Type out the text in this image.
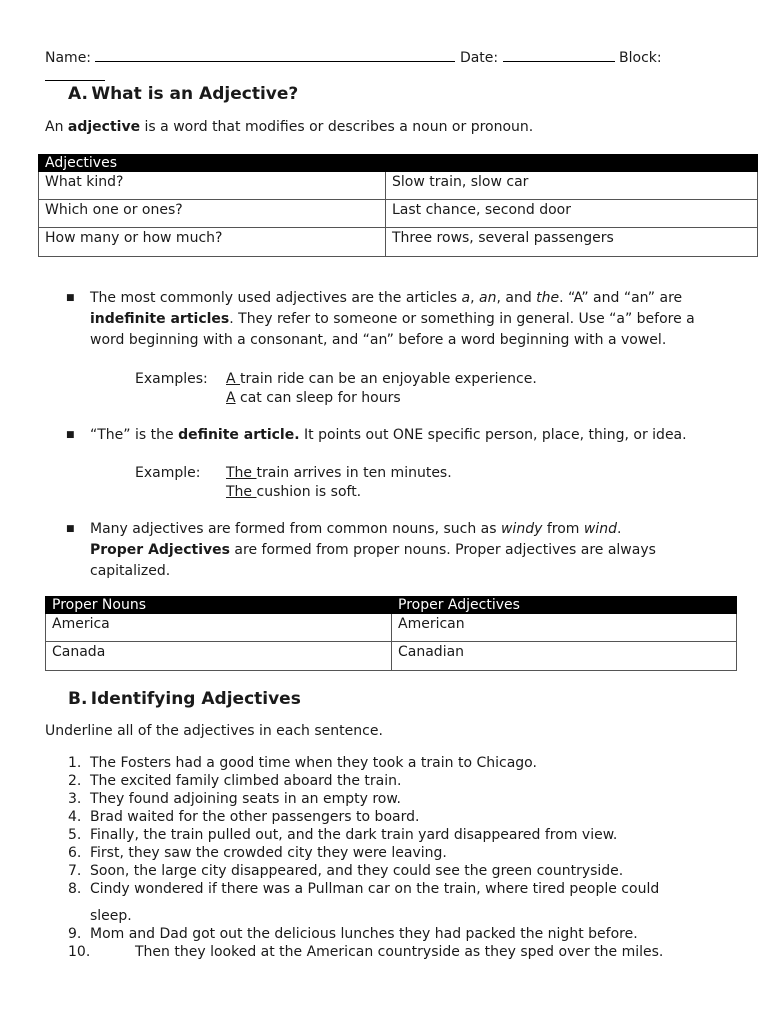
Name:	Date:	Block:
A. What is an Adjective?
An adjective is a word that modifies or describes a noun or pronoun.
Adjectives	
What kind?	Slow train, slow car
Which one or ones?	Last chance, second door
How many or how much?	Three rows, several passengers
■ The most commonly used adjectives are the articles a, an, and the. “A” and “an” are indefinite articles. They refer to someone or something in general. Use “a” before a word beginning with a consonant, and “an” before a word beginning with a vowel.
Examples: A train ride can be an enjoyable experience.
A cat can sleep for hours
■ “The” is the definite article. It points out ONE specific person, place, thing, or idea.
Example: The train arrives in ten minutes.
The cushion is soft.
■ Many adjectives are formed from common nouns, such as windy from wind.
Proper Adjectives are formed from proper nouns. Proper adjectives are always capitalized.
Proper Nouns	Proper Adjectives
America	American
Canada	Canadian
B. Identifying Adjectives
Underline all of the adjectives in each sentence.
1. The Fosters had a good time when they took a train to Chicago.
2. The excited family climbed aboard the train.
3. They found adjoining seats in an empty row.
4. Brad waited for the other passengers to board.
5. Finally, the train pulled out, and the dark train yard disappeared from view.
6. First, they saw the crowded city they were leaving.
7. Soon, the large city disappeared, and they could see the green countryside.
8. Cindy wondered if there was a Pullman car on the train, where tired people could
sleep.
9. Mom and Dad got out the delicious lunches they had packed the night before.
10.	Then they looked at the American countryside as they sped over the miles.
